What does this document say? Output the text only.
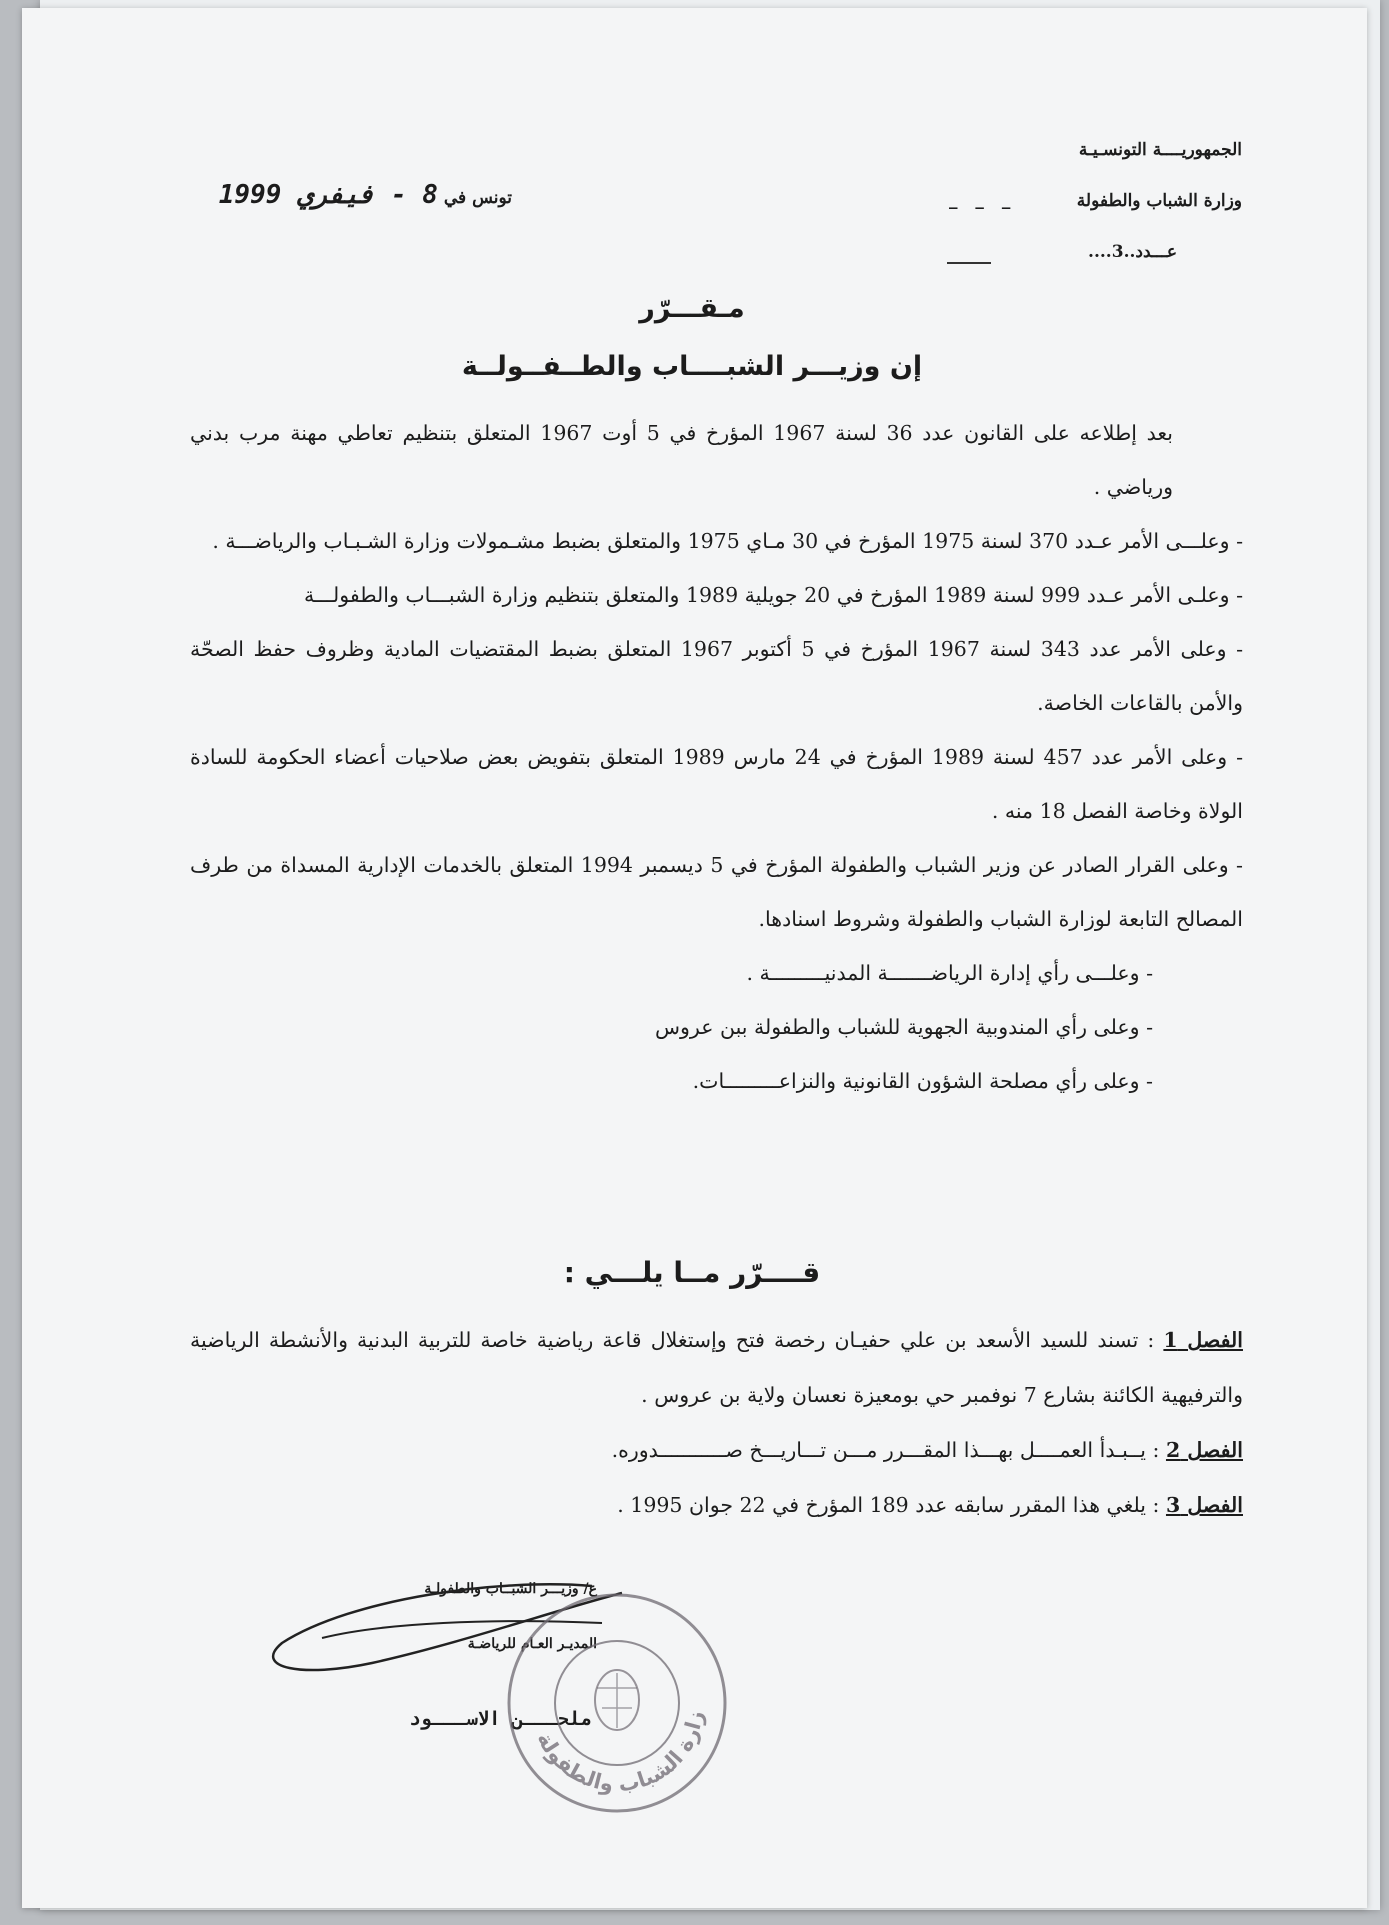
الجمهوريــــة التونسـيـة
وزارة الشباب والطفولة
_ _ _
عـــدد..3....
تونس في 8 - فيفري 1999
مـقـــرّر
إن وزيـــر الشبــــاب والطــفــولــة

بعد إطلاعه على القانون عدد 36 لسنة 1967 المؤرخ في 5 أوت 1967 المتعلق بتنظيم تعاطي مهنة مرب بدني ورياضي .

- وعلـــى الأمر عـدد 370 لسنة 1975 المؤرخ في 30 مـاي 1975 والمتعلق بضبط مشـمولات وزارة الشـبـاب والرياضـــة .

- وعلـى الأمر عـدد 999 لسنة 1989 المؤرخ في 20 جويلية 1989 والمتعلق بتنظيم وزارة الشبـــاب والطفولـــة

- وعلى الأمر عدد 343 لسنة 1967 المؤرخ في 5 أكتوبر 1967 المتعلق بضبط المقتضيات المادية وظروف حفظ الصحّة والأمن بالقاعات الخاصة.

- وعلى الأمر عدد 457 لسنة 1989 المؤرخ في 24 مارس 1989 المتعلق بتفويض بعض صلاحيات أعضاء الحكومة للسادة الولاة وخاصة الفصل 18 منه .

- وعلى القرار الصادر عن وزير الشباب والطفولة المؤرخ في 5 ديسمبر 1994 المتعلق بالخدمات الإدارية المسداة من طرف المصالح التابعة لوزارة الشباب والطفولة وشروط اسنادها.

- وعلـــى رأي إدارة الرياضـــــــة المدنيـــــــــة .

- وعلى رأي المندوبية الجهوية للشباب والطفولة ببن عروس

- وعلى رأي مصلحة الشؤون القانونية والنزاعـــــــــات.

قــــرّر مــا يلـــي :

الفصل 1 : تسند للسيد الأسعد بن علي حفيـان رخصة فتح وإستغلال قاعة رياضية خاصة للتربية البدنية والأنشطة الرياضية والترفيهية الكائنة بشارع 7 نوفمبر حي بومعيزة نعسان ولاية بن عروس .

الفصل 2 : يــبـدأ العمــــل بهـــذا المقـــرر مـــن تـــاريـــخ صـــــــــــدوره.

الفصل 3 : يلغي هذا المقرر سابقه عدد 189 المؤرخ في 22 جوان 1995 .

ع/ وزيـــر الشبــاب والطفولـة
المديـر العـام للرياضـة
ملحـــن الاســـود	زارة الشباب والطفولة
